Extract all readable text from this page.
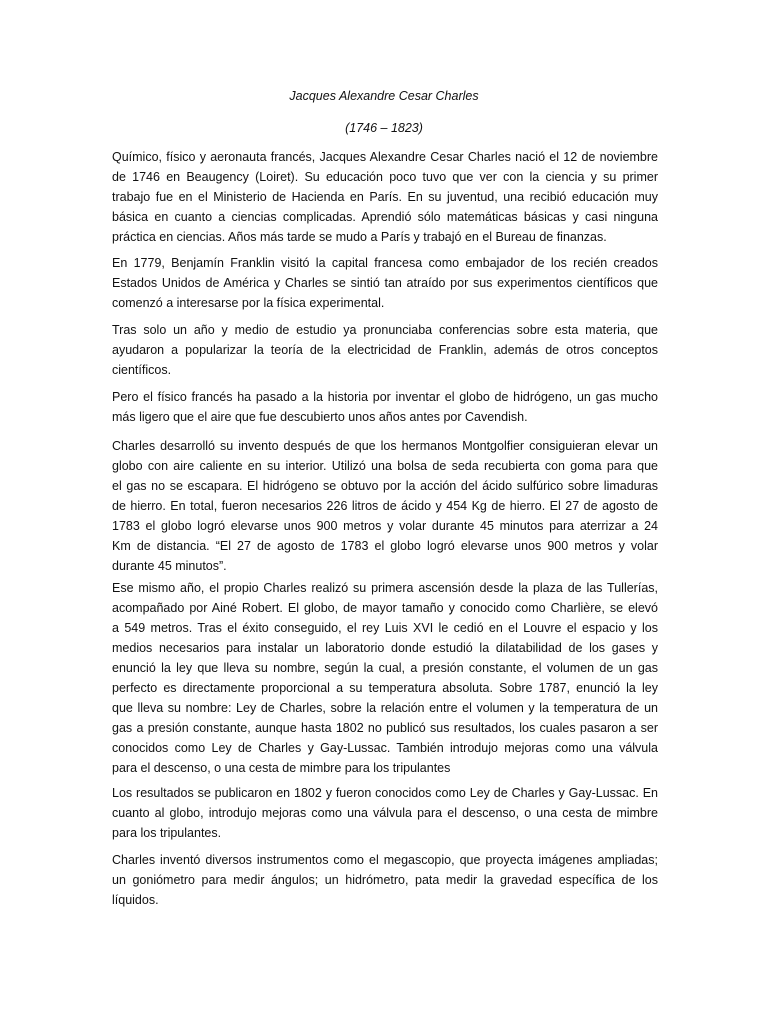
Jacques Alexandre Cesar Charles

(1746 – 1823)

Químico, físico y aeronauta francés, Jacques Alexandre Cesar Charles nació el 12 de noviembre
de 1746 en Beaugency (Loiret). Su educación poco tuvo que ver con la ciencia y su primer
trabajo fue en el Ministerio de Hacienda en París. En su juventud, una recibió educación muy
básica en cuanto a ciencias complicadas. Aprendió sólo matemáticas básicas y casi ninguna
práctica en ciencias. Años más tarde se mudo a París y trabajó en el Bureau de finanzas.

En 1779, Benjamín Franklin visitó la capital francesa como embajador de los recién creados
Estados Unidos de América y Charles se sintió tan atraído por sus experimentos científicos que
comenzó a interesarse por la física experimental.

Tras solo un año y medio de estudio ya pronunciaba conferencias sobre esta materia, que
ayudaron a popularizar la teoría de la electricidad de Franklin, además de otros conceptos
científicos.

Pero el físico francés ha pasado a la historia por inventar el globo de hidrógeno, un gas mucho
más ligero que el aire que fue descubierto unos años antes por Cavendish.

Charles desarrolló su invento después de que los hermanos Montgolfier consiguieran elevar un
globo con aire caliente en su interior. Utilizó una bolsa de seda recubierta con goma para que
el gas no se escapara. El hidrógeno se obtuvo por la acción del ácido sulfúrico sobre limaduras
de hierro. En total, fueron necesarios 226 litros de ácido y 454 Kg de hierro. El 27 de agosto de
1783 el globo logró elevarse unos 900 metros y volar durante 45 minutos para aterrizar a 24
Km de distancia. “El 27 de agosto de 1783 el globo logró elevarse unos 900 metros y volar
durante 45 minutos”.

Ese mismo año, el propio Charles realizó su primera ascensión desde la plaza de las Tullerías,
acompañado por Ainé Robert. El globo, de mayor tamaño y conocido como Charlière, se elevó
a 549 metros. Tras el éxito conseguido, el rey Luis XVI le cedió en el Louvre el espacio y los
medios necesarios para instalar un laboratorio donde estudió la dilatabilidad de los gases y
enunció la ley que lleva su nombre, según la cual, a presión constante, el volumen de un gas
perfecto es directamente proporcional a su temperatura absoluta. Sobre 1787, enunció la ley
que lleva su nombre: Ley de Charles, sobre la relación entre el volumen y la temperatura de un
gas a presión constante, aunque hasta 1802 no publicó sus resultados, los cuales pasaron a ser
conocidos como Ley de Charles y Gay-Lussac. También introdujo mejoras como una válvula
para el descenso, o una cesta de mimbre para los tripulantes

Los resultados se publicaron en 1802 y fueron conocidos como Ley de Charles y Gay-Lussac. En
cuanto al globo, introdujo mejoras como una válvula para el descenso, o una cesta de mimbre
para los tripulantes.

Charles inventó diversos instrumentos como el megascopio, que proyecta imágenes ampliadas;
un goniómetro para medir ángulos; un hidrómetro, pata medir la gravedad específica de los
líquidos.
